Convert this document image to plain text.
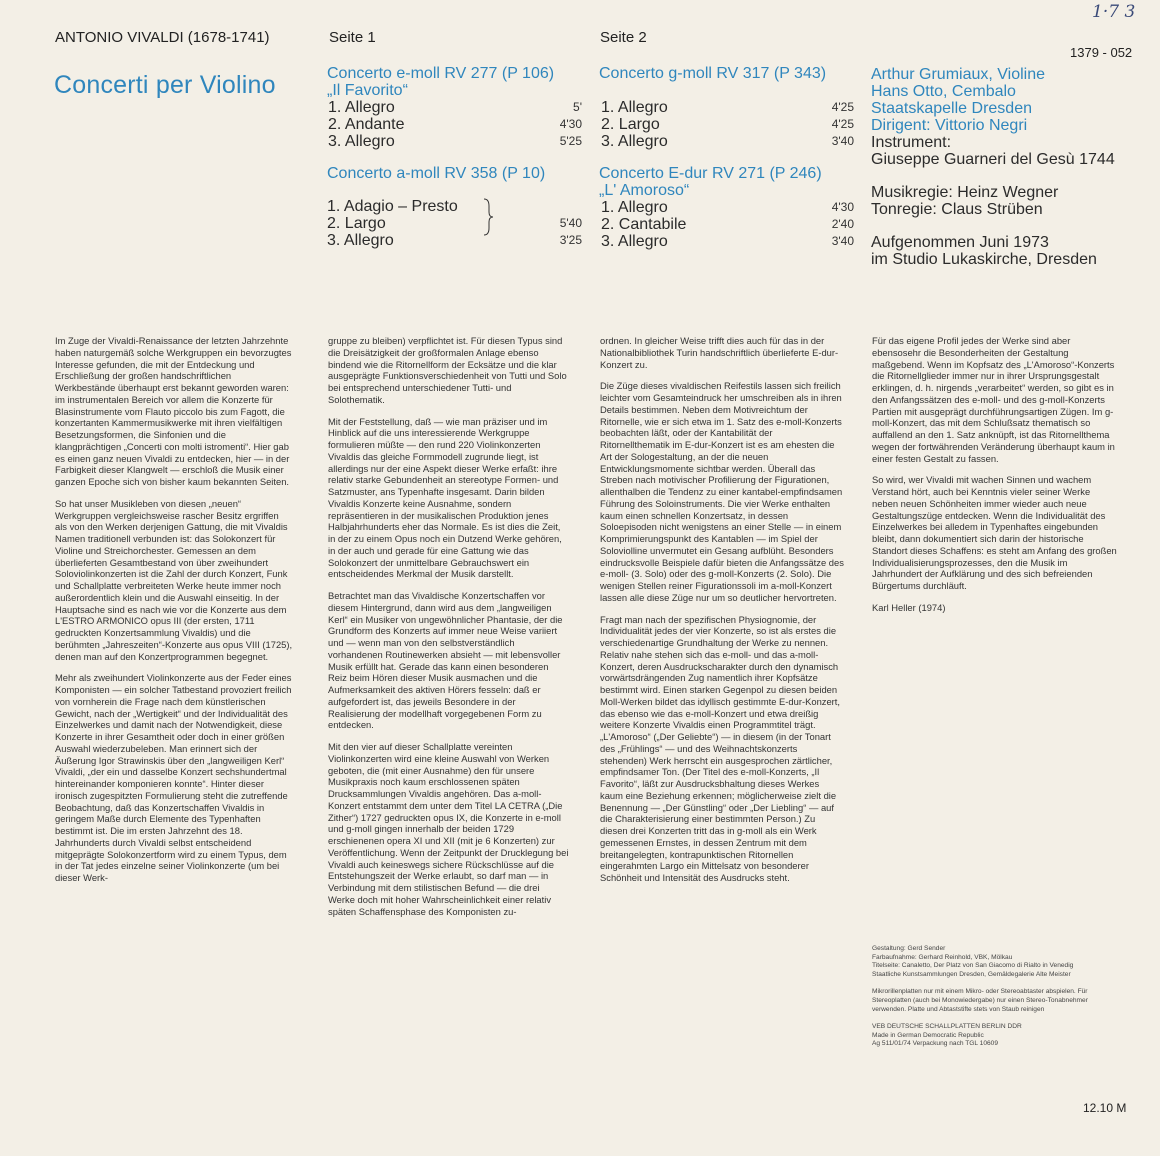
ANTONIO VIVALDI (1678-1741)	Seite 1	Seite 2
1·7 3
1379 - 052
Concerti per Violino	Concerto e-moll RV 277 (P 106)
„Il Favorito“
1. Allegro	5'
2. Andante	4'30
3. Allegro	5'25
Concerto a-moll RV 358 (P 10)
1. Adagio – Presto
2. Largo	5'40
3. Allegro	3'25
Concerto g-moll RV 317 (P 343)
1. Allegro	4'25
2. Largo	4'25
3. Allegro	3'40
Concerto E-dur RV 271 (P 246)
„L' Amoroso“
1. Allegro	4'30
2. Cantabile	2'40
3. Allegro	3'40
Arthur Grumiaux, Violine
Hans Otto, Cembalo
Staatskapelle Dresden
Dirigent: Vittorio Negri
Instrument:
Giuseppe Guarneri del Gesù 1744
Musikregie: Heinz Wegner
Tonregie: Claus Strüben
Aufgenommen Juni 1973
im Studio Lukaskirche, Dresden

Im Zuge der Vivaldi-Renaissance der letzten Jahrzehnte haben naturgemäß solche Werkgruppen ein bevorzugtes Interesse gefunden, die mit der Entdeckung und Erschließung der großen handschriftlichen Werkbestände überhaupt erst bekannt geworden waren: im instrumentalen Bereich vor allem die Konzerte für Blasinstrumente vom Flauto piccolo bis zum Fagott, die konzertanten Kammermusikwerke mit ihren vielfältigen Besetzungsformen, die Sinfonien und die klangprächtigen „Concerti con molti istromenti“. Hier gab es einen ganz neuen Vivaldi zu entdecken, hier — in der Farbigkeit dieser Klangwelt — erschloß die Musik einer ganzen Epoche sich von bisher kaum bekannten Seiten.

So hat unser Musikleben von diesen „neuen“ Werkgruppen vergleichsweise rascher Besitz ergriffen als von den Werken derjenigen Gattung, die mit Vivaldis Namen traditionell verbunden ist: das Solokonzert für Violine und Streichorchester. Gemessen an dem überlieferten Gesamtbestand von über zweihundert Soloviolinkonzerten ist die Zahl der durch Konzert, Funk und Schallplatte verbreiteten Werke heute immer noch außerordentlich klein und die Auswahl einseitig. In der Hauptsache sind es nach wie vor die Konzerte aus dem L'ESTRO ARMONICO opus III (der ersten, 1711 gedruckten Konzertsammlung Vivaldis) und die berühmten „Jahreszeiten“-Konzerte aus opus VIII (1725), denen man auf den Konzertprogrammen begegnet.

Mehr als zweihundert Violinkonzerte aus der Feder eines Komponisten — ein solcher Tatbestand provoziert freilich von vornherein die Frage nach dem künstlerischen Gewicht, nach der „Wertigkeit“ und der Individualität des Einzelwerkes und damit nach der Notwendigkeit, diese Konzerte in ihrer Gesamtheit oder doch in einer größen Auswahl wiederzubeleben. Man erinnert sich der Äußerung Igor Strawinskis über den „langweiligen Kerl“ Vivaldi, „der ein und dasselbe Konzert sechshundertmal hintereinander komponieren konnte“. Hinter dieser ironisch zugespitzten Formulierung steht die zutreffende Beobachtung, daß das Konzertschaffen Vivaldis in geringem Maße durch Elemente des Typenhaften bestimmt ist. Die im ersten Jahrzehnt des 18. Jahrhunderts durch Vivaldi selbst entscheidend mitgeprägte Solokonzertform wird zu einem Typus, dem in der Tat jedes einzelne seiner Violinkonzerte (um bei dieser Werk-

gruppe zu bleiben) verpflichtet ist. Für diesen Typus sind die Dreisätzigkeit der großformalen Anlage ebenso bindend wie die Ritornellform der Ecksätze und die klar ausgeprägte Funktionsverschiedenheit von Tutti und Solo bei entsprechend unterschiedener Tutti- und Solothematik.

Mit der Feststellung, daß — wie man präziser und im Hinblick auf die uns interessierende Werkgruppe formulieren müßte — den rund 220 Violinkonzerten Vivaldis das gleiche Formmodell zugrunde liegt, ist allerdings nur der eine Aspekt dieser Werke erfaßt: ihre relativ starke Gebundenheit an stereotype Formen- und Satzmuster, ans Typenhafte insgesamt. Darin bilden Vivaldis Konzerte keine Ausnahme, sondern repräsentieren in der musikalischen Produktion jenes Halbjahrhunderts eher das Normale. Es ist dies die Zeit, in der zu einem Opus noch ein Dutzend Werke gehören, in der auch und gerade für eine Gattung wie das Solokonzert der unmittelbare Gebrauchswert ein entscheidendes Merkmal der Musik darstellt.

Betrachtet man das Vivaldische Konzertschaffen vor diesem Hintergrund, dann wird aus dem „langweiligen Kerl“ ein Musiker von ungewöhnlicher Phantasie, der die Grundform des Konzerts auf immer neue Weise variiert und — wenn man von den selbstverständlich vorhandenen Routinewerken absieht — mit lebensvoller Musik erfüllt hat. Gerade das kann einen besonderen Reiz beim Hören dieser Musik ausmachen und die Aufmerksamkeit des aktiven Hörers fesseln: daß er aufgefordert ist, das jeweils Besondere in der Realisierung der modellhaft vorgegebenen Form zu entdecken.

Mit den vier auf dieser Schallplatte vereinten Violinkonzerten wird eine kleine Auswahl von Werken geboten, die (mit einer Ausnahme) den für unsere Musikpraxis noch kaum erschlossenen späten Drucksammlungen Vivaldis angehören. Das a-moll-Konzert entstammt dem unter dem Titel LA CETRA („Die Zither“) 1727 gedruckten opus IX, die Konzerte in e-moll und g-moll gingen innerhalb der beiden 1729 erschienenen opera XI und XII (mit je 6 Konzerten) zur Veröffentlichung. Wenn der Zeitpunkt der Drucklegung bei Vivaldi auch keineswegs sichere Rückschlüsse auf die Entstehungszeit der Werke erlaubt, so darf man — in Verbindung mit dem stilistischen Befund — die drei Werke doch mit hoher Wahrscheinlichkeit einer relativ späten Schaffensphase des Komponisten zu-

ordnen. In gleicher Weise trifft dies auch für das in der Nationalbibliothek Turin handschriftlich überlieferte E-dur-Konzert zu.

Die Züge dieses vivaldischen Reifestils lassen sich freilich leichter vom Gesamteindruck her umschreiben als in ihren Details bestimmen. Neben dem Motivreichtum der Ritornelle, wie er sich etwa im 1. Satz des e-moll-Konzerts beobachten läßt, oder der Kantabilität der Ritornellthematik im E-dur-Konzert ist es am ehesten die Art der Sologestaltung, an der die neuen Entwicklungsmomente sichtbar werden. Überall das Streben nach motivischer Profilierung der Figurationen, allenthalben die Tendenz zu einer kantabel-empfindsamen Führung des Soloinstruments. Die vier Werke enthalten kaum einen schnellen Konzertsatz, in dessen Soloepisoden nicht wenigstens an einer Stelle — in einem Komprimierungspunkt des Kantablen — im Spiel der Soloviolline unvermutet ein Gesang aufblüht. Besonders eindrucksvolle Beispiele dafür bieten die Anfangssätze des e-moll- (3. Solo) oder des g-moll-Konzerts (2. Solo). Die wenigen Stellen reiner Figurationssoli im a-moll-Konzert lassen alle diese Züge nur um so deutlicher hervortreten.

Fragt man nach der spezifischen Physiognomie, der Individualität jedes der vier Konzerte, so ist als erstes die verschiedenartige Grundhaltung der Werke zu nennen. Relativ nahe stehen sich das e-moll- und das a-moll-Konzert, deren Ausdruckscharakter durch den dynamisch vorwärtsdrängenden Zug namentlich ihrer Kopfsätze bestimmt wird. Einen starken Gegenpol zu diesen beiden Moll-Werken bildet das idyllisch gestimmte E-dur-Konzert, das ebenso wie das e-moll-Konzert und etwa dreißig weitere Konzerte Vivaldis einen Programmtitel trägt. „L'Amoroso“ („Der Geliebte“) — in diesem (in der Tonart des „Frühlings“ — und des Weihnachtskonzerts stehenden) Werk herrscht ein ausgesprochen zärtlicher, empfindsamer Ton. (Der Titel des e-moll-Konzerts, „Il Favorito“, läßt zur Ausdrucksbhaltung dieses Werkes kaum eine Beziehung erkennen; möglicherweise zielt die Benennung — „Der Günstling“ oder „Der Liebling“ — auf die Charakterisierung einer bestimmten Person.) Zu diesen drei Konzerten tritt das in g-moll als ein Werk gemessenen Ernstes, in dessen Zentrum mit dem breitangelegten, kontrapunktischen Ritornellen eingerahmten Largo ein Mittelsatz von besonderer Schönheit und Intensität des Ausdrucks steht.

Für das eigene Profil jedes der Werke sind aber ebensosehr die Besonderheiten der Gestaltung maßgebend. Wenn im Kopfsatz des „L'Amoroso“-Konzerts die Ritornellglieder immer nur in ihrer Ursprungsgestalt erklingen, d. h. nirgends „verarbeitet“ werden, so gibt es in den Anfangssätzen des e-moll- und des g-moll-Konzerts Partien mit ausgeprägt durchführungsartigen Zügen. Im g-moll-Konzert, das mit dem Schlußsatz thematisch so auffallend an den 1. Satz anknüpft, ist das Ritornellthema wegen der fortwährenden Veränderung überhaupt kaum in einer festen Gestalt zu fassen.

So wird, wer Vivaldi mit wachen Sinnen und wachem Verstand hört, auch bei Kenntnis vieler seiner Werke neben neuen Schönheiten immer wieder auch neue Gestaltungszüge entdecken. Wenn die Individualität des Einzelwerkes bei alledem in Typenhaftes eingebunden bleibt, dann dokumentiert sich darin der historische Standort dieses Schaffens: es steht am Anfang des großen Individualisierungsprozesses, den die Musik im Jahrhundert der Aufklärung und des sich befreienden Bürgertums durchläuft.

Karl Heller (1974)

Gestaltung: Gerd Sender
Farbaufnahme: Gerhard Reinhold, VBK, Mölkau
Titelseite: Canaletto, Der Platz von San Giacomo di Rialto in Venedig
Staatliche Kunstsammlungen Dresden, Gemäldegalerie Alte Meister

Mikrorillenplatten nur mit einem Mikro- oder Stereoabtaster abspielen. Für Stereoplatten (auch bei Monowiedergabe) nur einen Stereo-Tonabnehmer verwenden. Platte und Abtaststifte stets von Staub reinigen

VEB DEUTSCHE SCHALLPLATTEN BERLIN DDR
Made in German Democratic Republic
Ag 511/01/74 Verpackung nach TGL 10609

12.10 M
